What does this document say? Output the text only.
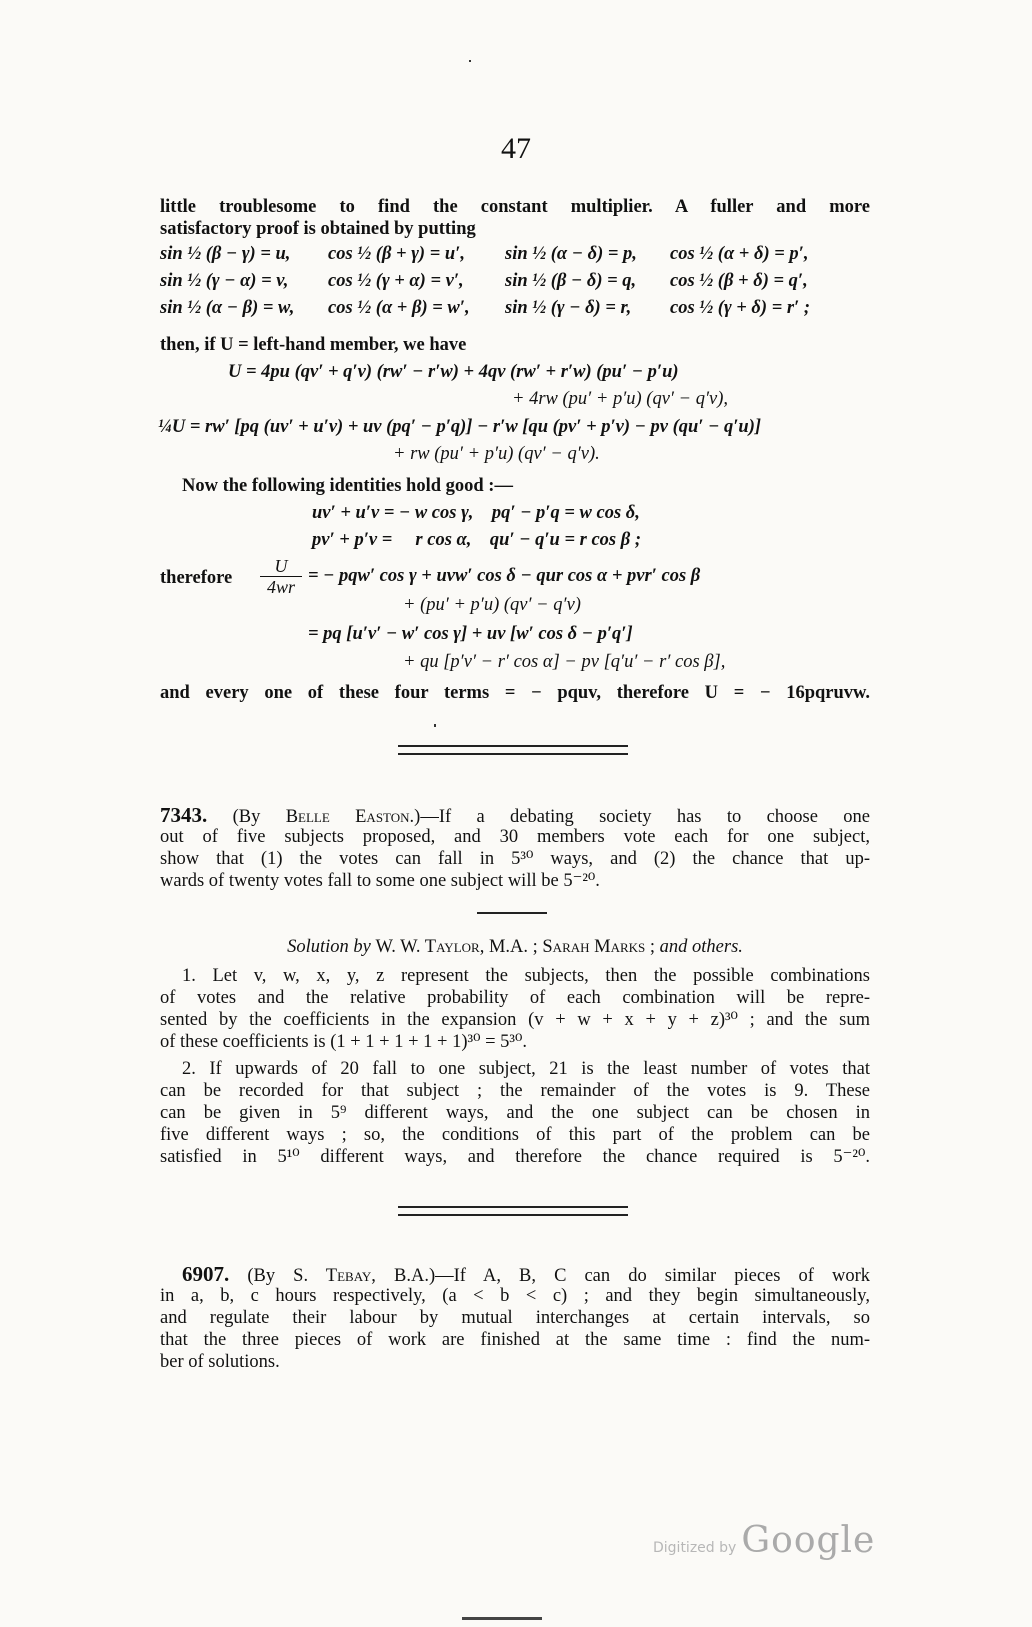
47
little troublesome to find the constant multiplier. A fuller and more
satisfactory proof is obtained by putting
sin ½ (β − γ) = u, cos ½ (β + γ) = u′, sin ½ (α − δ) = p, cos ½ (α + δ) = p′,
sin ½ (γ − α) = v, cos ½ (γ + α) = v′, sin ½ (β − δ) = q, cos ½ (β + δ) = q′,
sin ½ (α − β) = w, cos ½ (α + β) = w′, sin ½ (γ − δ) = r, cos ½ (γ + δ) = r′ ;
then, if U = left-hand member, we have
U = 4pu (qv′ + q′v) (rw′ − r′w) + 4qv (rw′ + r′w) (pu′ − p′u)
+ 4rw (pu′ + p′u) (qv′ − q′v),
¼U = rw′ [pq (uv′ + u′v) + uv (pq′ − p′q)] − r′w [qu (pv′ + p′v) − pv (qu′ − q′u)]
+ rw (pu′ + p′u) (qv′ − q′v).
Now the following identities hold good :—
uv′ + u′v = − w cos γ,    pq′ − p′q = w cos δ,
pv′ + p′v =     r cos α,    qu′ − q′u = r cos β ;
therefore $\frac{U}{4wr}$ = − pqw′ cos γ + uvw′ cos δ − qur cos α + pvr′ cos β
+ (pu′ + p′u) (qv′ − q′v)
= pq [u′v′ − w′ cos γ] + uv [w′ cos δ − p′q′]
+ qu [p′v′ − r′ cos α] − pv [q′u′ − r′ cos β],
and every one of these four terms = − pquv, therefore U = − 16pqruvw.
7343. (By Belle Easton.)—If a debating society has to choose one
out of five subjects proposed, and 30 members vote each for one subject,
show that (1) the votes can fall in 5³⁰ ways, and (2) the chance that up-
wards of twenty votes fall to some one subject will be 5⁻²⁰.
Solution by W. W. Taylor, M.A. ; Sarah Marks ; and others.
1. Let v, w, x, y, z represent the subjects, then the possible combinations
of votes and the relative probability of each combination will be repre-
sented by the coefficients in the expansion (v + w + x + y + z)³⁰ ; and the sum
of these coefficients is (1 + 1 + 1 + 1 + 1)³⁰ = 5³⁰.
2. If upwards of 20 fall to one subject, 21 is the least number of votes that
can be recorded for that subject ; the remainder of the votes is 9. These
can be given in 5⁹ different ways, and the one subject can be chosen in
five different ways ; so, the conditions of this part of the problem can be
satisfied in 5¹⁰ different ways, and therefore the chance required is 5⁻²⁰.
6907. (By S. Tebay, B.A.)—If A, B, C can do similar pieces of work
in a, b, c hours respectively, (a < b < c) ; and they begin simultaneously,
and regulate their labour by mutual interchanges at certain intervals, so
that the three pieces of work are finished at the same time : find the num-
ber of solutions.
Digitized by Google
